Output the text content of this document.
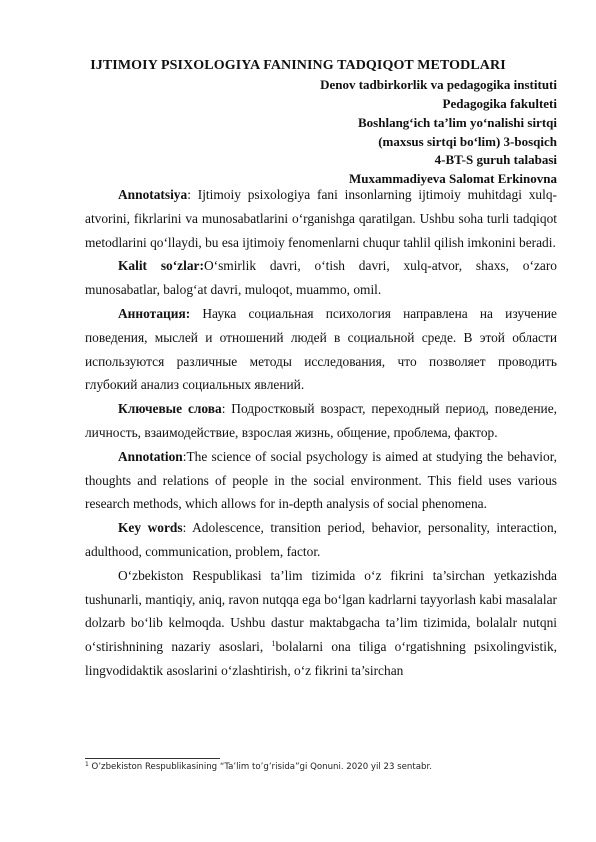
IJTIMOIY PSIXOLOGIYA FANINING TADQIQOT METODLARI
Denov tadbirkorlik va pedagogika instituti
Pedagogika fakulteti
Boshlang‘ich ta’lim yo‘nalishi sirtqi
(maxsus sirtqi bo‘lim) 3-bosqich
4-BT-S guruh talabasi
Muxammadiyeva Salomat Erkinovna

Annotatsiya: Ijtimoiy psixologiya fani insonlarning ijtimoiy muhitdagi xulq-atvorini, fikrlarini va munosabatlarini o‘rganishga qaratilgan. Ushbu soha turli tadqiqot metodlarini qo‘llaydi, bu esa ijtimoiy fenomenlarni chuqur tahlil qilish imkonini beradi.

Kalit so‘zlar:O‘smirlik davri, o‘tish davri, xulq-atvor, shaxs, o‘zaro munosabatlar, balog‘at davri, muloqot, muammo, omil.

Аннотация: Наука социальная психология направлена на изучение поведения, мыслей и отношений людей в социальной среде. В этой области используются различные методы исследования, что позволяет проводить глубокий анализ социальных явлений.

Ключевые слова: Подростковый возраст, переходный период, поведение, личность, взаимодействие, взрослая жизнь, общение, проблема, фактор.

Annotation:The science of social psychology is aimed at studying the behavior, thoughts and relations of people in the social environment. This field uses various research methods, which allows for in-depth analysis of social phenomena.

Key words: Adolescence, transition period, behavior, personality, interaction, adulthood, communication, problem, factor.

O‘zbekiston Respublikasi ta’lim tizimida o‘z fikrini ta’sirchan yetkazishda tushunarli, mantiqiy, aniq, ravon nutqqa ega bo‘lgan kadrlarni tayyorlash kabi masalalar dolzarb bo‘lib kelmoqda. Ushbu dastur maktabgacha ta’lim tizimida, bolalalr nutqni o‘stirishnining nazariy asoslari, $^1$bolalarni ona tiliga o‘rgatishning psixolingvistik, lingvodidaktik asoslarini o‘zlashtirish, o‘z fikrini ta’sirchan

$^1$ O’zbekiston Respublikasining “Ta’lim to’g’risida”gi Qonuni. 2020 yil 23 sentabr.
